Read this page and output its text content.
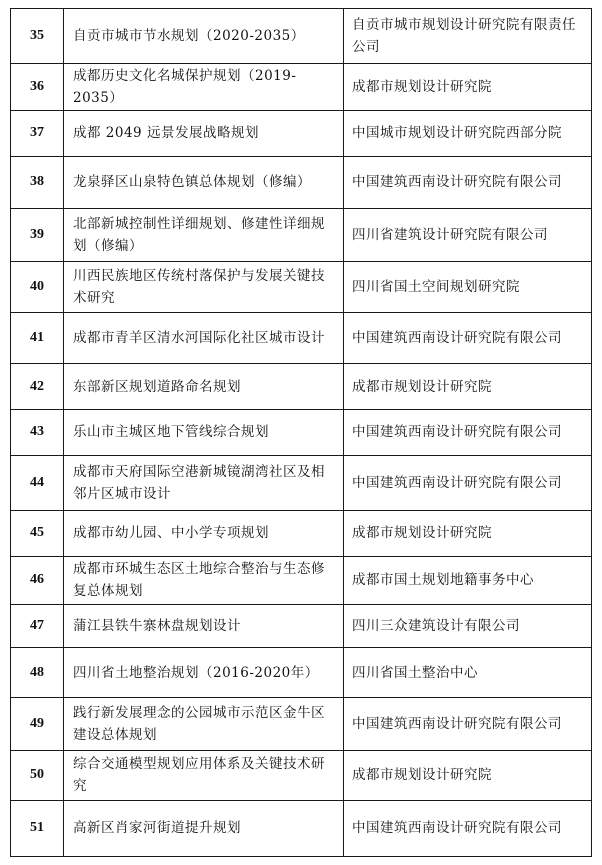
35	自贡市城市节水规划（2020-2035）	自贡市城市规划设计研究院有限责任公司
36	成都历史文化名城保护规划（2019-2035）	成都市规划设计研究院
37	成都 2049 远景发展战略规划	中国城市规划设计研究院西部分院
38	龙泉驿区山泉特色镇总体规划（修编）	中国建筑西南设计研究院有限公司
39	北部新城控制性详细规划、修建性详细规划（修编）	四川省建筑设计研究院有限公司
40	川西民族地区传统村落保护与发展关键技术研究	四川省国土空间规划研究院
41	成都市青羊区清水河国际化社区城市设计	中国建筑西南设计研究院有限公司
42	东部新区规划道路命名规划	成都市规划设计研究院
43	乐山市主城区地下管线综合规划	中国建筑西南设计研究院有限公司
44	成都市天府国际空港新城镜湖湾社区及相邻片区城市设计	中国建筑西南设计研究院有限公司
45	成都市幼儿园、中小学专项规划	成都市规划设计研究院
46	成都市环城生态区土地综合整治与生态修复总体规划	成都市国土规划地籍事务中心
47	蒲江县铁牛寨林盘规划设计	四川三众建筑设计有限公司
48	四川省土地整治规划（2016-2020年）	四川省国土整治中心
49	践行新发展理念的公园城市示范区金牛区建设总体规划	中国建筑西南设计研究院有限公司
50	综合交通模型规划应用体系及关键技术研究	成都市规划设计研究院
51	高新区肖家河街道提升规划	中国建筑西南设计研究院有限公司
